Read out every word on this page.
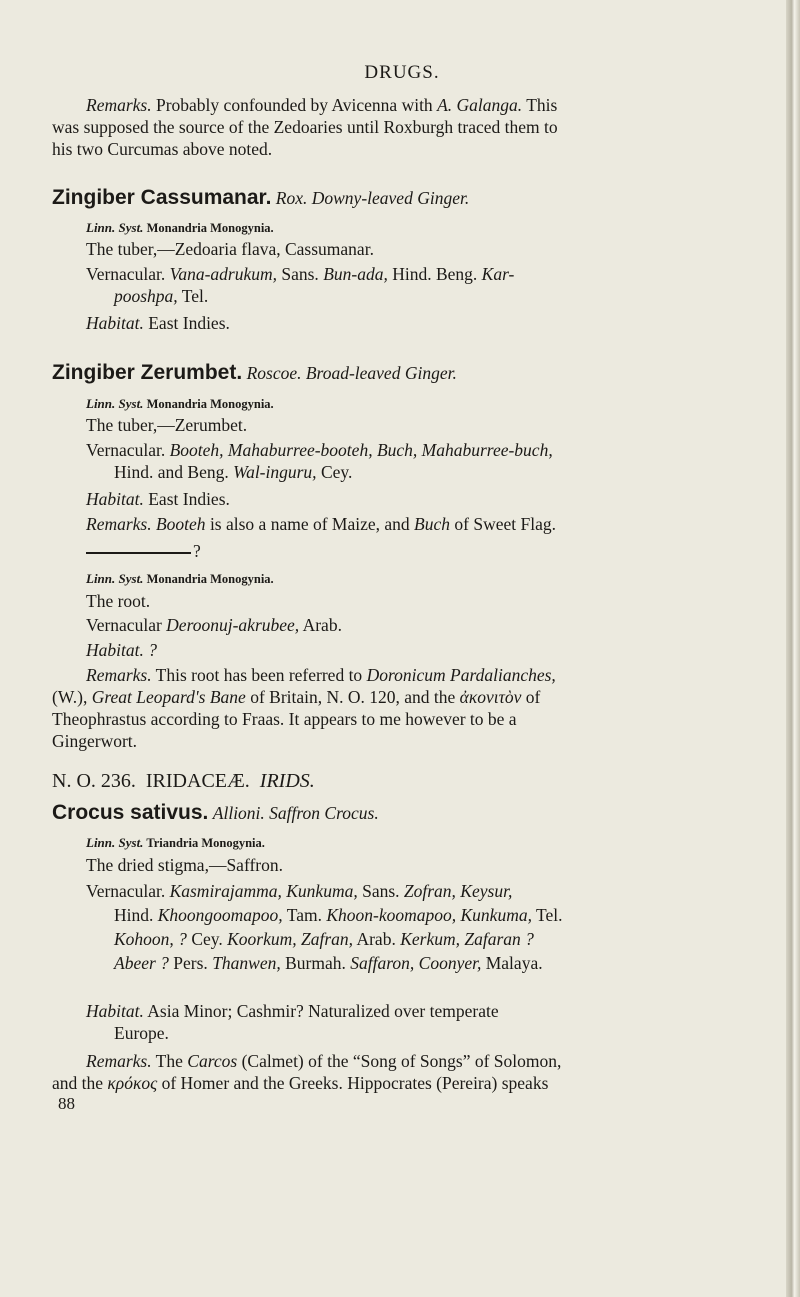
DRUGS.
Remarks. Probably confounded by Avicenna with A. Galanga. This
was supposed the source of the Zedoaries until Roxburgh traced them to
his two Curcumas above noted.
Zingiber Cassumanar. Rox. Downy-leaved Ginger.
Linn. Syst. Monandria Monogynia.
The tuber,—Zedoaria flava, Cassumanar.
Vernacular. Vana-adrukum, Sans. Bun-ada, Hind. Beng. Kar-
pooshpa, Tel.
Habitat. East Indies.
Zingiber Zerumbet. Roscoe. Broad-leaved Ginger.
Linn. Syst. Monandria Monogynia.
The tuber,—Zerumbet.
Vernacular. Booteh, Mahaburree-booteh, Buch, Mahaburree-buch,
Hind. and Beng. Wal-inguru, Cey.
Habitat. East Indies.
Remarks. Booteh is also a name of Maize, and Buch of Sweet Flag.
?
Linn. Syst. Monandria Monogynia.
The root.
Vernacular Deroonuj-akrubee, Arab.
Habitat. ?
Remarks. This root has been referred to Doronicum Pardalianches,
(W.), Great Leopard's Bane of Britain, N. O. 120, and the ἀκονιτὸν of
Theophrastus according to Fraas. It appears to me however to be a
Gingerwort.
N. O. 236. IRIDACEÆ. IRIDS.
Crocus sativus. Allioni. Saffron Crocus.
Linn. Syst. Triandria Monogynia.
The dried stigma,—Saffron.
Vernacular. Kasmirajamma, Kunkuma, Sans. Zofran, Keysur,
Hind. Khoongoomapoo, Tam. Khoon-koomapoo, Kunkuma, Tel.
Kohoon, ? Cey. Koorkum, Zafran, Arab. Kerkum, Zafaran ?
Abeer ? Pers. Thanwen, Burmah. Saffaron, Coonyer, Malaya.
Habitat. Asia Minor; Cashmir? Naturalized over temperate
Europe.
Remarks. The Carcos (Calmet) of the “Song of Songs” of Solomon,
and the κρόκος of Homer and the Greeks. Hippocrates (Pereira) speaks
88
